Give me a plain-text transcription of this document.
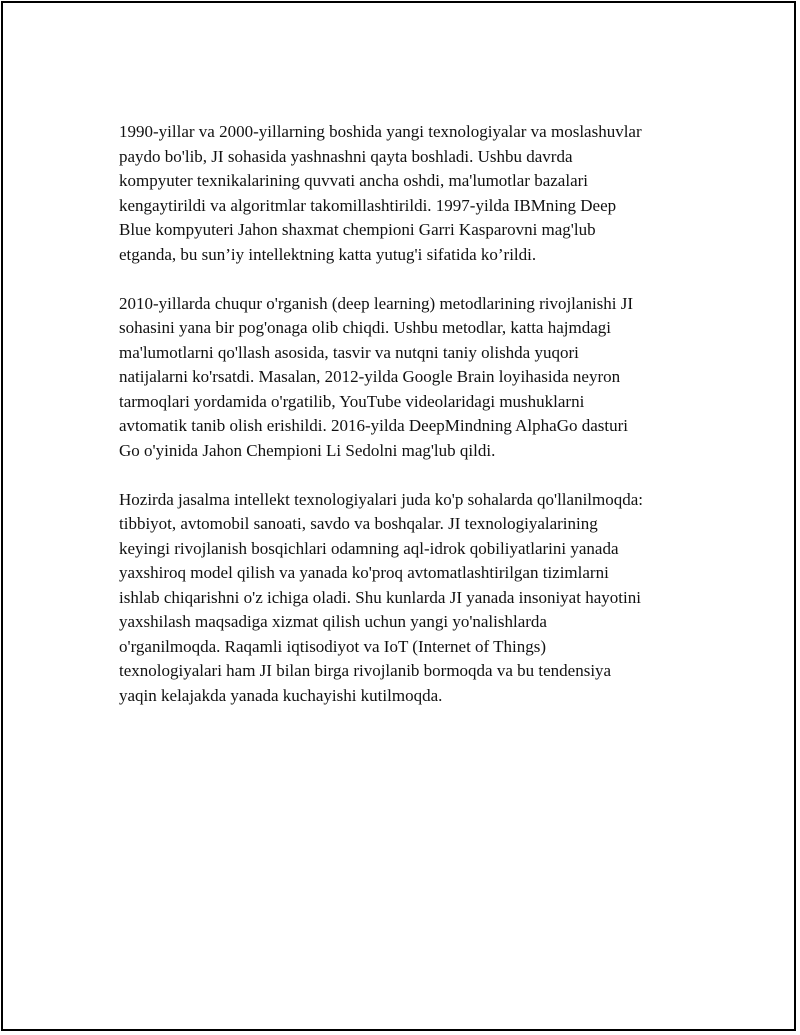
1990-yillar va 2000-yillarning boshida yangi texnologiyalar va moslashuvlar
paydo bo'lib, JI sohasida yashnashni qayta boshladi. Ushbu davrda
kompyuter texnikalarining quvvati ancha oshdi, ma'lumotlar bazalari
kengaytirildi va algoritmlar takomillashtirildi. 1997-yilda IBMning Deep
Blue kompyuteri Jahon shaxmat chempioni Garri Kasparovni mag'lub
etganda, bu sun’iy intellektning katta yutug'i sifatida ko’rildi.

2010-yillarda chuqur o'rganish (deep learning) metodlarining rivojlanishi JI
sohasini yana bir pog'onaga olib chiqdi. Ushbu metodlar, katta hajmdagi
ma'lumotlarni qo'llash asosida, tasvir va nutqni taniy olishda yuqori
natijalarni ko'rsatdi. Masalan, 2012-yilda Google Brain loyihasida neyron
tarmoqlari yordamida o'rgatilib, YouTube videolaridagi mushuklarni
avtomatik tanib olish erishildi. 2016-yilda DeepMindning AlphaGo dasturi
Go o'yinida Jahon Chempioni Li Sedolni mag'lub qildi.

Hozirda jasalma intellekt texnologiyalari juda ko'p sohalarda qo'llanilmoqda:
tibbiyot, avtomobil sanoati, savdo va boshqalar. JI texnologiyalarining
keyingi rivojlanish bosqichlari odamning aql-idrok qobiliyatlarini yanada
yaxshiroq model qilish va yanada ko'proq avtomatlashtirilgan tizimlarni
ishlab chiqarishni o'z ichiga oladi. Shu kunlarda JI yanada insoniyat hayotini
yaxshilash maqsadiga xizmat qilish uchun yangi yo'nalishlarda
o'rganilmoqda. Raqamli iqtisodiyot va IoT (Internet of Things)
texnologiyalari ham JI bilan birga rivojlanib bormoqda va bu tendensiya
yaqin kelajakda yanada kuchayishi kutilmoqda.
